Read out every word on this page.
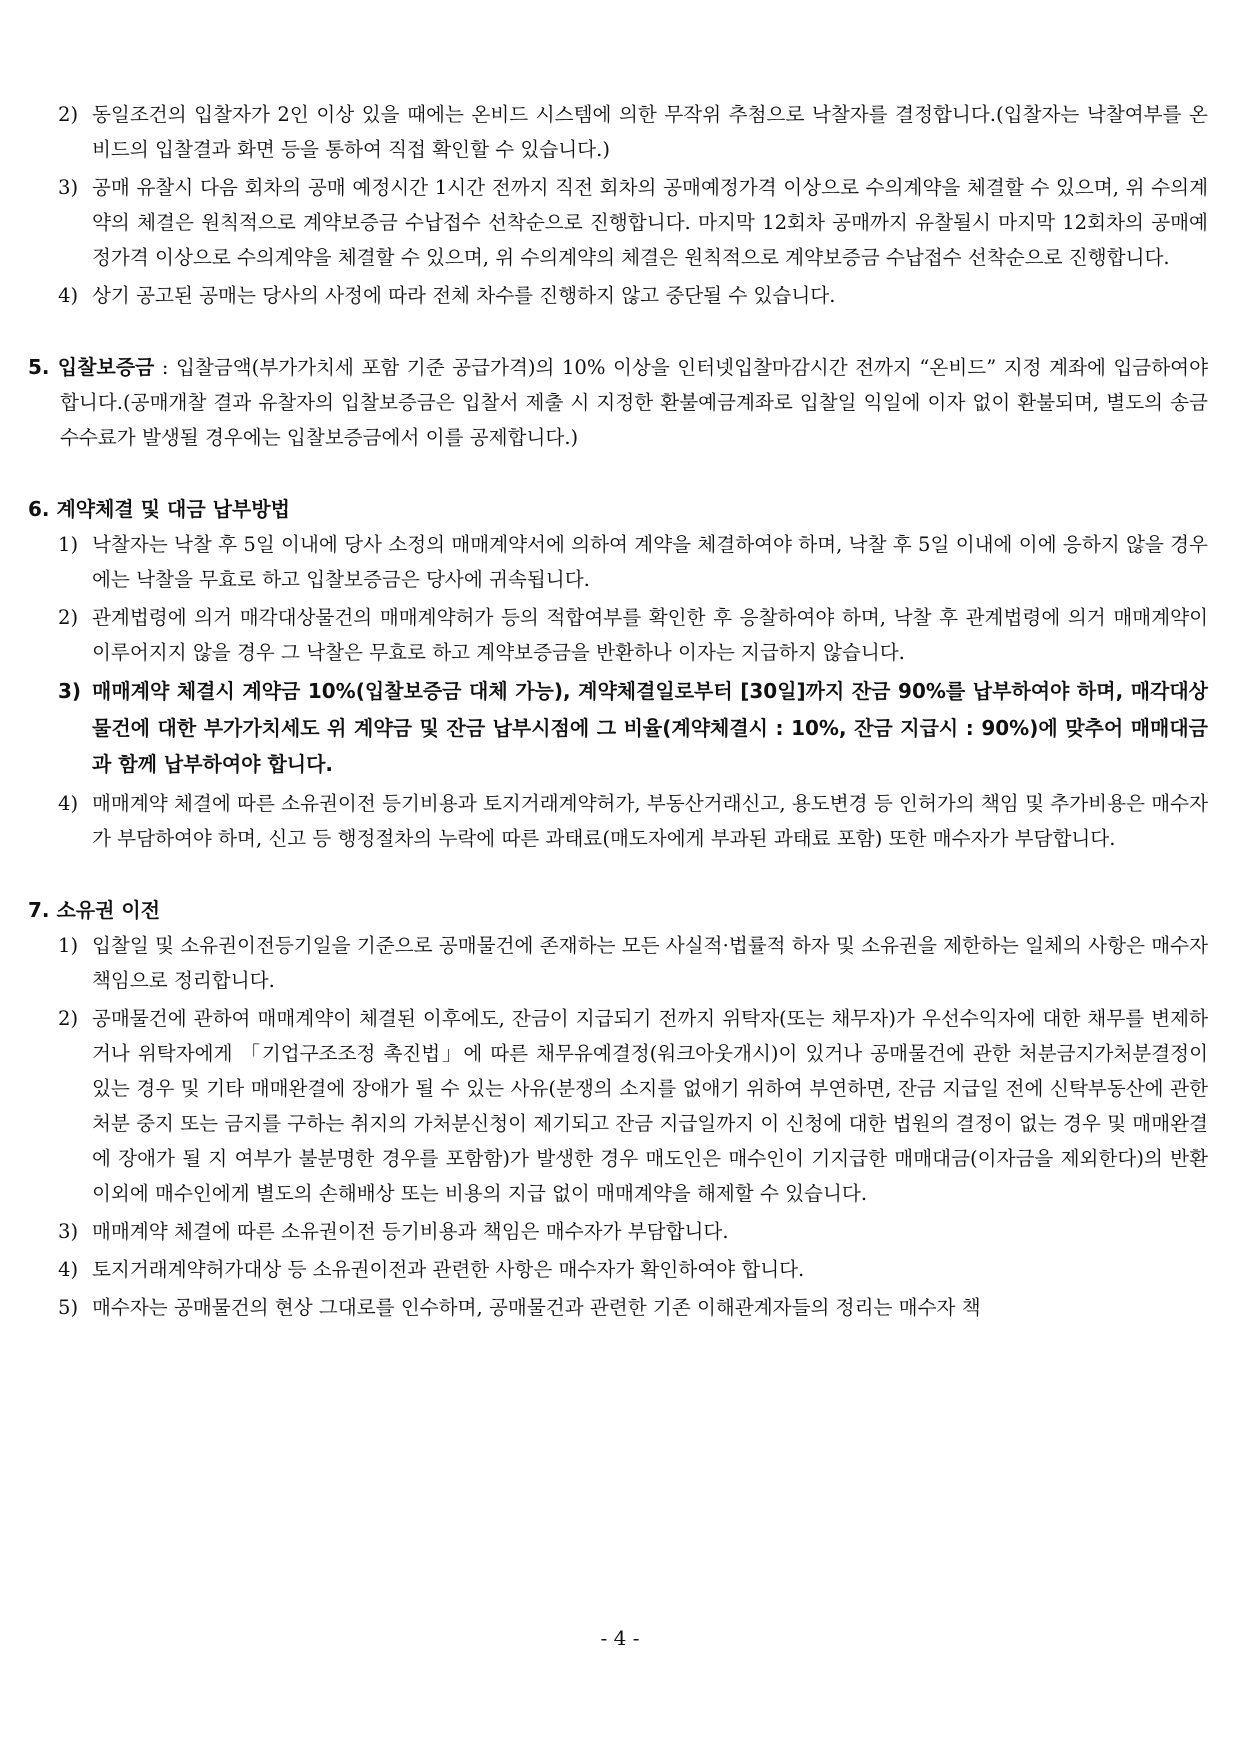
2) 동일조건의 입찰자가 2인 이상 있을 때에는 온비드 시스템에 의한 무작위 추첨으로 낙찰자를 결정합니다.(입찰자는 낙찰여부를 온비드의 입찰결과 화면 등을 통하여 직접 확인할 수 있습니다.)
3) 공매 유찰시 다음 회차의 공매 예정시간 1시간 전까지 직전 회차의 공매예정가격 이상으로 수의계약을 체결할 수 있으며, 위 수의계약의 체결은 원칙적으로 계약보증금 수납접수 선착순으로 진행합니다. 마지막 12회차 공매까지 유찰될시 마지막 12회차의 공매예정가격 이상으로 수의계약을 체결할 수 있으며, 위 수의계약의 체결은 원칙적으로 계약보증금 수납접수 선착순으로 진행합니다.
4) 상기 공고된 공매는 당사의 사정에 따라 전체 차수를 진행하지 않고 중단될 수 있습니다.

5. 입찰보증금 : 입찰금액(부가가치세 포함 기준 공급가격)의 10% 이상을 인터넷입찰마감시간 전까지 “온비드” 지정 계좌에 입금하여야 합니다.(공매개찰 결과 유찰자의 입찰보증금은 입찰서 제출 시 지정한 환불예금계좌로 입찰일 익일에 이자 없이 환불되며, 별도의 송금수수료가 발생될 경우에는 입찰보증금에서 이를 공제합니다.)

6. 계약체결 및 대금 납부방법

1) 낙찰자는 낙찰 후 5일 이내에 당사 소정의 매매계약서에 의하여 계약을 체결하여야 하며, 낙찰 후 5일 이내에 이에 응하지 않을 경우에는 낙찰을 무효로 하고 입찰보증금은 당사에 귀속됩니다.
2) 관계법령에 의거 매각대상물건의 매매계약허가 등의 적합여부를 확인한 후 응찰하여야 하며, 낙찰 후 관계법령에 의거 매매계약이 이루어지지 않을 경우 그 낙찰은 무효로 하고 계약보증금을 반환하나 이자는 지급하지 않습니다.
3) 매매계약 체결시 계약금 10%(입찰보증금 대체 가능), 계약체결일로부터 [30일]까지 잔금 90%를 납부하여야 하며, 매각대상 물건에 대한 부가가치세도 위 계약금 및 잔금 납부시점에 그 비율(계약체결시 : 10%, 잔금 지급시 : 90%)에 맞추어 매매대금과 함께 납부하여야 합니다.
4) 매매계약 체결에 따른 소유권이전 등기비용과 토지거래계약허가, 부동산거래신고, 용도변경 등 인허가의 책임 및 추가비용은 매수자가 부담하여야 하며, 신고 등 행정절차의 누락에 따른 과태료(매도자에게 부과된 과태료 포함) 또한 매수자가 부담합니다.

7. 소유권 이전

1) 입찰일 및 소유권이전등기일을 기준으로 공매물건에 존재하는 모든 사실적·법률적 하자 및 소유권을 제한하는 일체의 사항은 매수자 책임으로 정리합니다.
2) 공매물건에 관하여 매매계약이 체결된 이후에도, 잔금이 지급되기 전까지 위탁자(또는 채무자)가 우선수익자에 대한 채무를 변제하거나 위탁자에게 「기업구조조정 촉진법」에 따른 채무유예결정(워크아웃개시)이 있거나 공매물건에 관한 처분금지가처분결정이 있는 경우 및 기타 매매완결에 장애가 될 수 있는 사유(분쟁의 소지를 없애기 위하여 부연하면, 잔금 지급일 전에 신탁부동산에 관한 처분 중지 또는 금지를 구하는 취지의 가처분신청이 제기되고 잔금 지급일까지 이 신청에 대한 법원의 결정이 없는 경우 및 매매완결에 장애가 될 지 여부가 불분명한 경우를 포함함)가 발생한 경우 매도인은 매수인이 기지급한 매매대금(이자금을 제외한다)의 반환 이외에 매수인에게 별도의 손해배상 또는 비용의 지급 없이 매매계약을 해제할 수 있습니다.
3) 매매계약 체결에 따른 소유권이전 등기비용과 책임은 매수자가 부담합니다.
4) 토지거래계약허가대상 등 소유권이전과 관련한 사항은 매수자가 확인하여야 합니다.
5) 매수자는 공매물건의 현상 그대로를 인수하며, 공매물건과 관련한 기존 이해관계자들의 정리는 매수자 책
- 4 -
